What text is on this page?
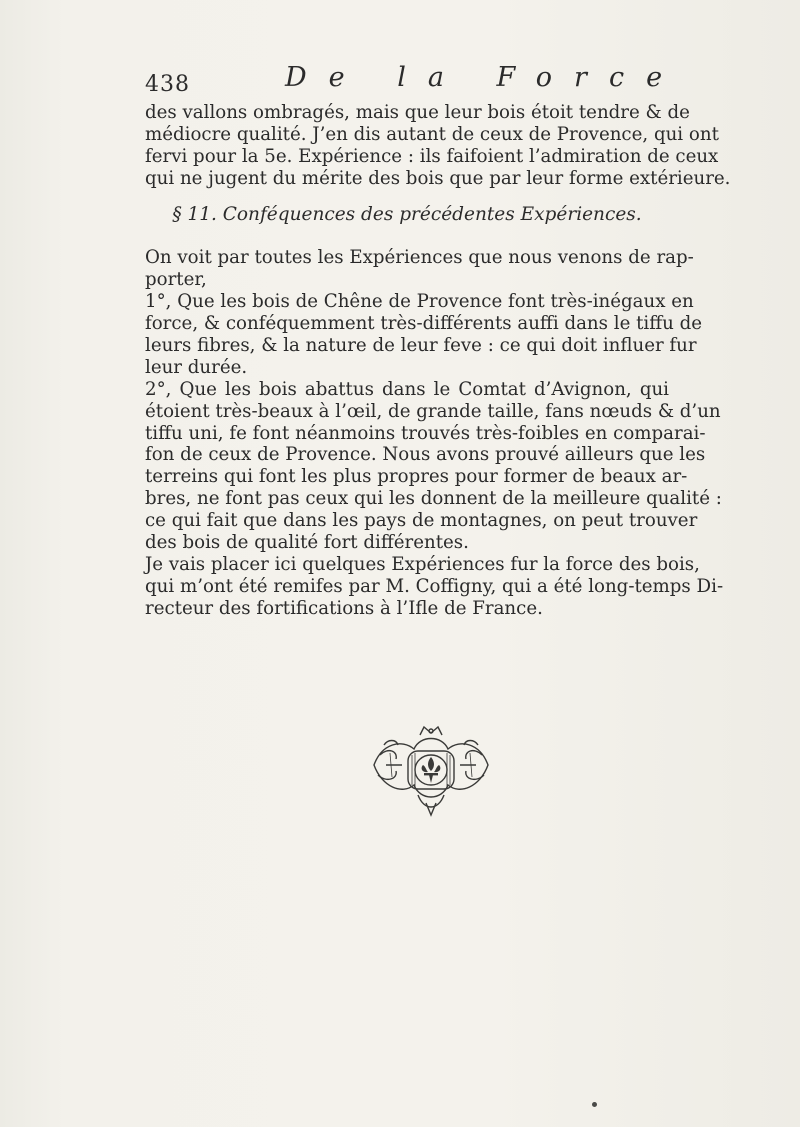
438	De la Force
des vallons ombragés, mais que leur bois étoit tendre & de
médiocre qualité. J’en dis autant de ceux de Provence, qui ont
fervi pour la 5e. Expérience : ils faifoient l’admiration de ceux
qui ne jugent du mérite des bois que par leur forme extérieure.
§ 11. Conféquences des précédentes Expériences.
On voit par toutes les Expériences que nous venons de rap-
porter,
1°, Que les bois de Chêne de Provence font très-inégaux en
force, & conféquemment très-différents auffi dans le tiffu de
leurs fibres, & la nature de leur feve : ce qui doit influer fur
leur durée.
2°, Que les bois abattus dans le Comtat d’Avignon, qui
étoient très-beaux à l’œil, de grande taille, fans nœuds & d’un
tiffu uni, fe font néanmoins trouvés très-foibles en comparai-
fon de ceux de Provence. Nous avons prouvé ailleurs que les
terreins qui font les plus propres pour former de beaux ar-
bres, ne font pas ceux qui les donnent de la meilleure qualité :
ce qui fait que dans les pays de montagnes, on peut trouver
des bois de qualité fort différentes.
Je vais placer ici quelques Expériences fur la force des bois,
qui m’ont été remifes par M. Coffigny, qui a été long-temps Di-
recteur des fortifications à l’Ifle de France.
